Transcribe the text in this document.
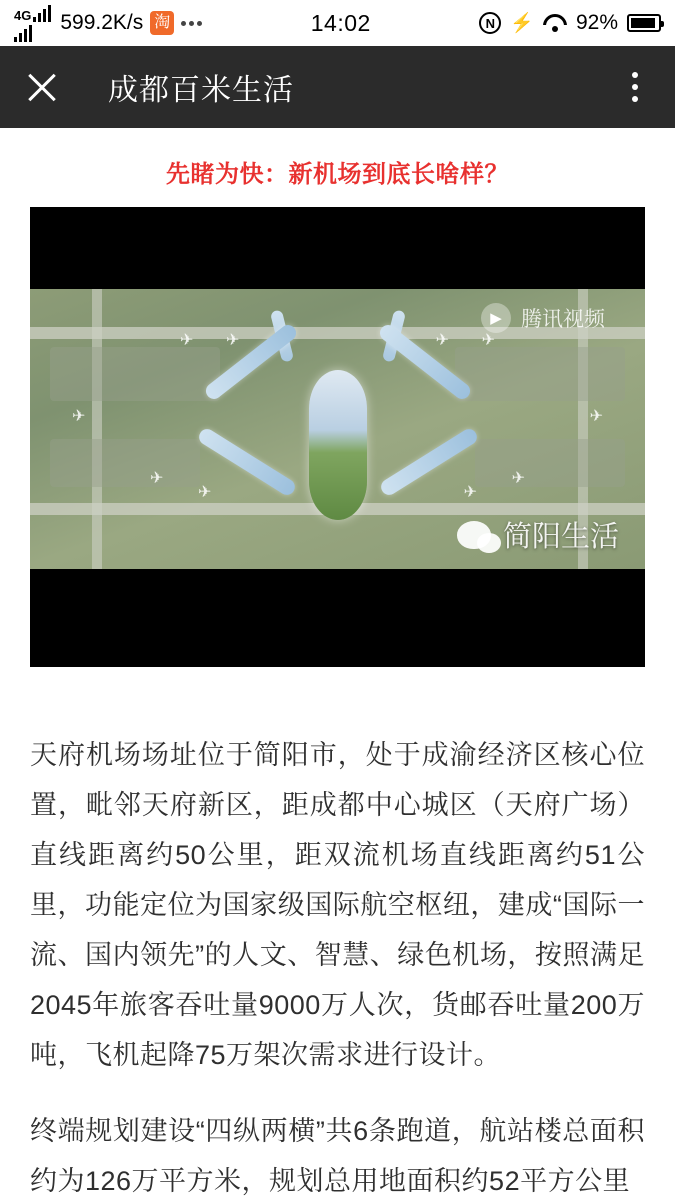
4G 599.2K/s 淘	14:02	N ⚡ 92%
成都百米生活
先睹为快：新机场到底长啥样？
✈ ✈	✈
✈
✈
✈
✈
✈
✈	✈
▶ 腾讯视频
简阳生活

天府机场场址位于简阳市，处于成渝经济区核心位置，毗邻天府新区，距成都中心城区（天府广场）直线距离约50公里，距双流机场直线距离约51公里，功能定位为国家级国际航空枢纽，建成“国际一流、国内领先”的人文、智慧、绿色机场，按照满足2045年旅客吞吐量9000万人次，货邮吞吐量200万吨，飞机起降75万架次需求进行设计。

终端规划建设“四纵两横”共6条跑道，航站楼总面积约为126万平方米，规划总用地面积约52平方公里
